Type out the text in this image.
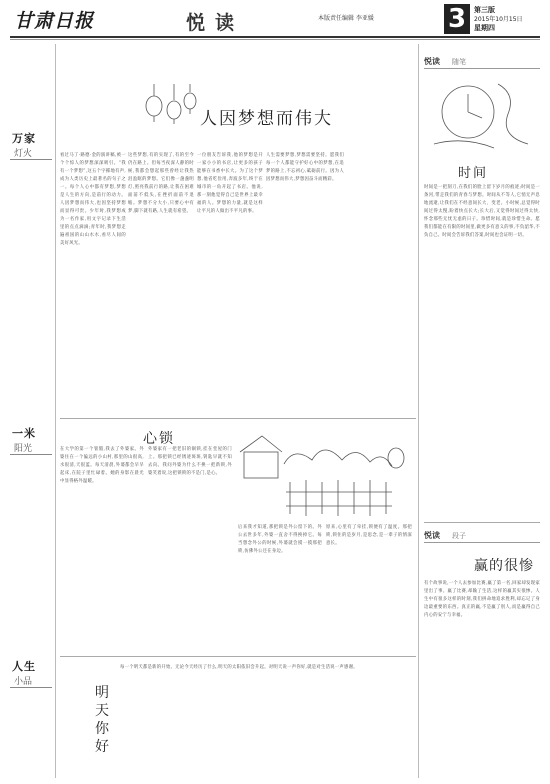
甘肃日报	悦读	本版责任编辑 李亚媛	3	第三版
2015年10月15日
星期四
万家
灯火
一米
阳光
人生
小品
人因梦想而伟大
看过马丁·路德·金的演讲稿,被一个个惊人的梦想深深吸引。“我有一个梦想”,这五个字掷地有声,成为人类历史上最著名的句子之一。每个人心中都有梦想,梦想是人生的方向,是前行的动力。人因梦想而伟大,也因坚持梦想而显得可贵。少年时,我梦想成为一名作家,用文字记录下生活里的点点滴滴;青年时,我梦想走遍祖国的山山水水,看尽人间的美好风光。
这些梦想,有的实现了,有的至今仍在路上。但每当夜深人静的时候,我都会想起那些曾经让我热泪盈眶的梦想。它们像一盏盏明灯,照亮我前行的路,让我在困难面前不低头,在挫折面前不退缩。梦想不分大小,只要心中有梦,脚下就有路,人生就有希望。
一位朋友告诉我,他的梦想是开一家小小的书店,让更多的孩子能够在书香中长大。为了这个梦想,他省吃俭用,奔波多年,终于在城市的一角开起了书店。他说,那一刻他觉得自己是世界上最幸福的人。梦想的力量,就是这样让平凡的人做出不平凡的事。
人生需要梦想,梦想需要坚持。愿我们每一个人都能守护好心中的梦想,在追梦的路上,不忘初心,砥砺前行。因为人因梦想而伟大,梦想因奋斗而精彩。
心锁
在大学的第一个暑假,我去了外婆家。外婆住在一个偏远的小山村,那里的山很高,水很清,天很蓝。每天清晨,外婆都会早早起床,在院子里忙碌着。她的身影在晨光中显得格外温暖。
外婆家有一把老旧的铜锁,挂在堂屋的门上。那把锁已经锈迹斑斑,钥匙早就不知去向。我问外婆为什么不换一把新锁,外婆笑着说,这把锁锁的不是门,是心。
后来我才知道,那把锁是外公留下的。外公去世多年,外婆一直舍不得换掉它。每当想念外公的时候,外婆就会摸一摸那把锁,仿佛外公还在身边。
原来,心里有了牵挂,锁便有了温度。那把锁,锁住的是岁月,是思念,是一辈子的情深意长。
明天你好
每一个明天都是新的开始。无论今天经历了什么,明天的太阳依旧会升起。对明天说一声你好,就是对生活说一声感谢。
悦读 随笔
时间
时间是一把刻刀,在我们的脸上留下岁月的痕迹;时间是一条河,带走我们的青春与梦想。时间从不等人,它悄无声息地流逝,让我们在不经意间长大、变老。小时候,总觉得时间过得太慢,盼着快点长大;长大后,又觉得时间过得太快,怀念那些无忧无虑的日子。珍惜时间,就是珍惜生命。愿我们都能在有限的时间里,做更多有意义的事,不负韶华,不负自己。时间会告诉我们答案,时间也会证明一切。
悦读 段子
赢的很惨
有个故事说,一个人去参加比赛,赢了第一名,回家却发现家里出了事。赢了比赛,却输了生活,这样的赢其实很惨。人生中有很多这样的时刻,我们拼命地追求胜利,却忘记了身边最重要的东西。真正的赢,不是赢了别人,而是赢得自己内心的安宁与幸福。
